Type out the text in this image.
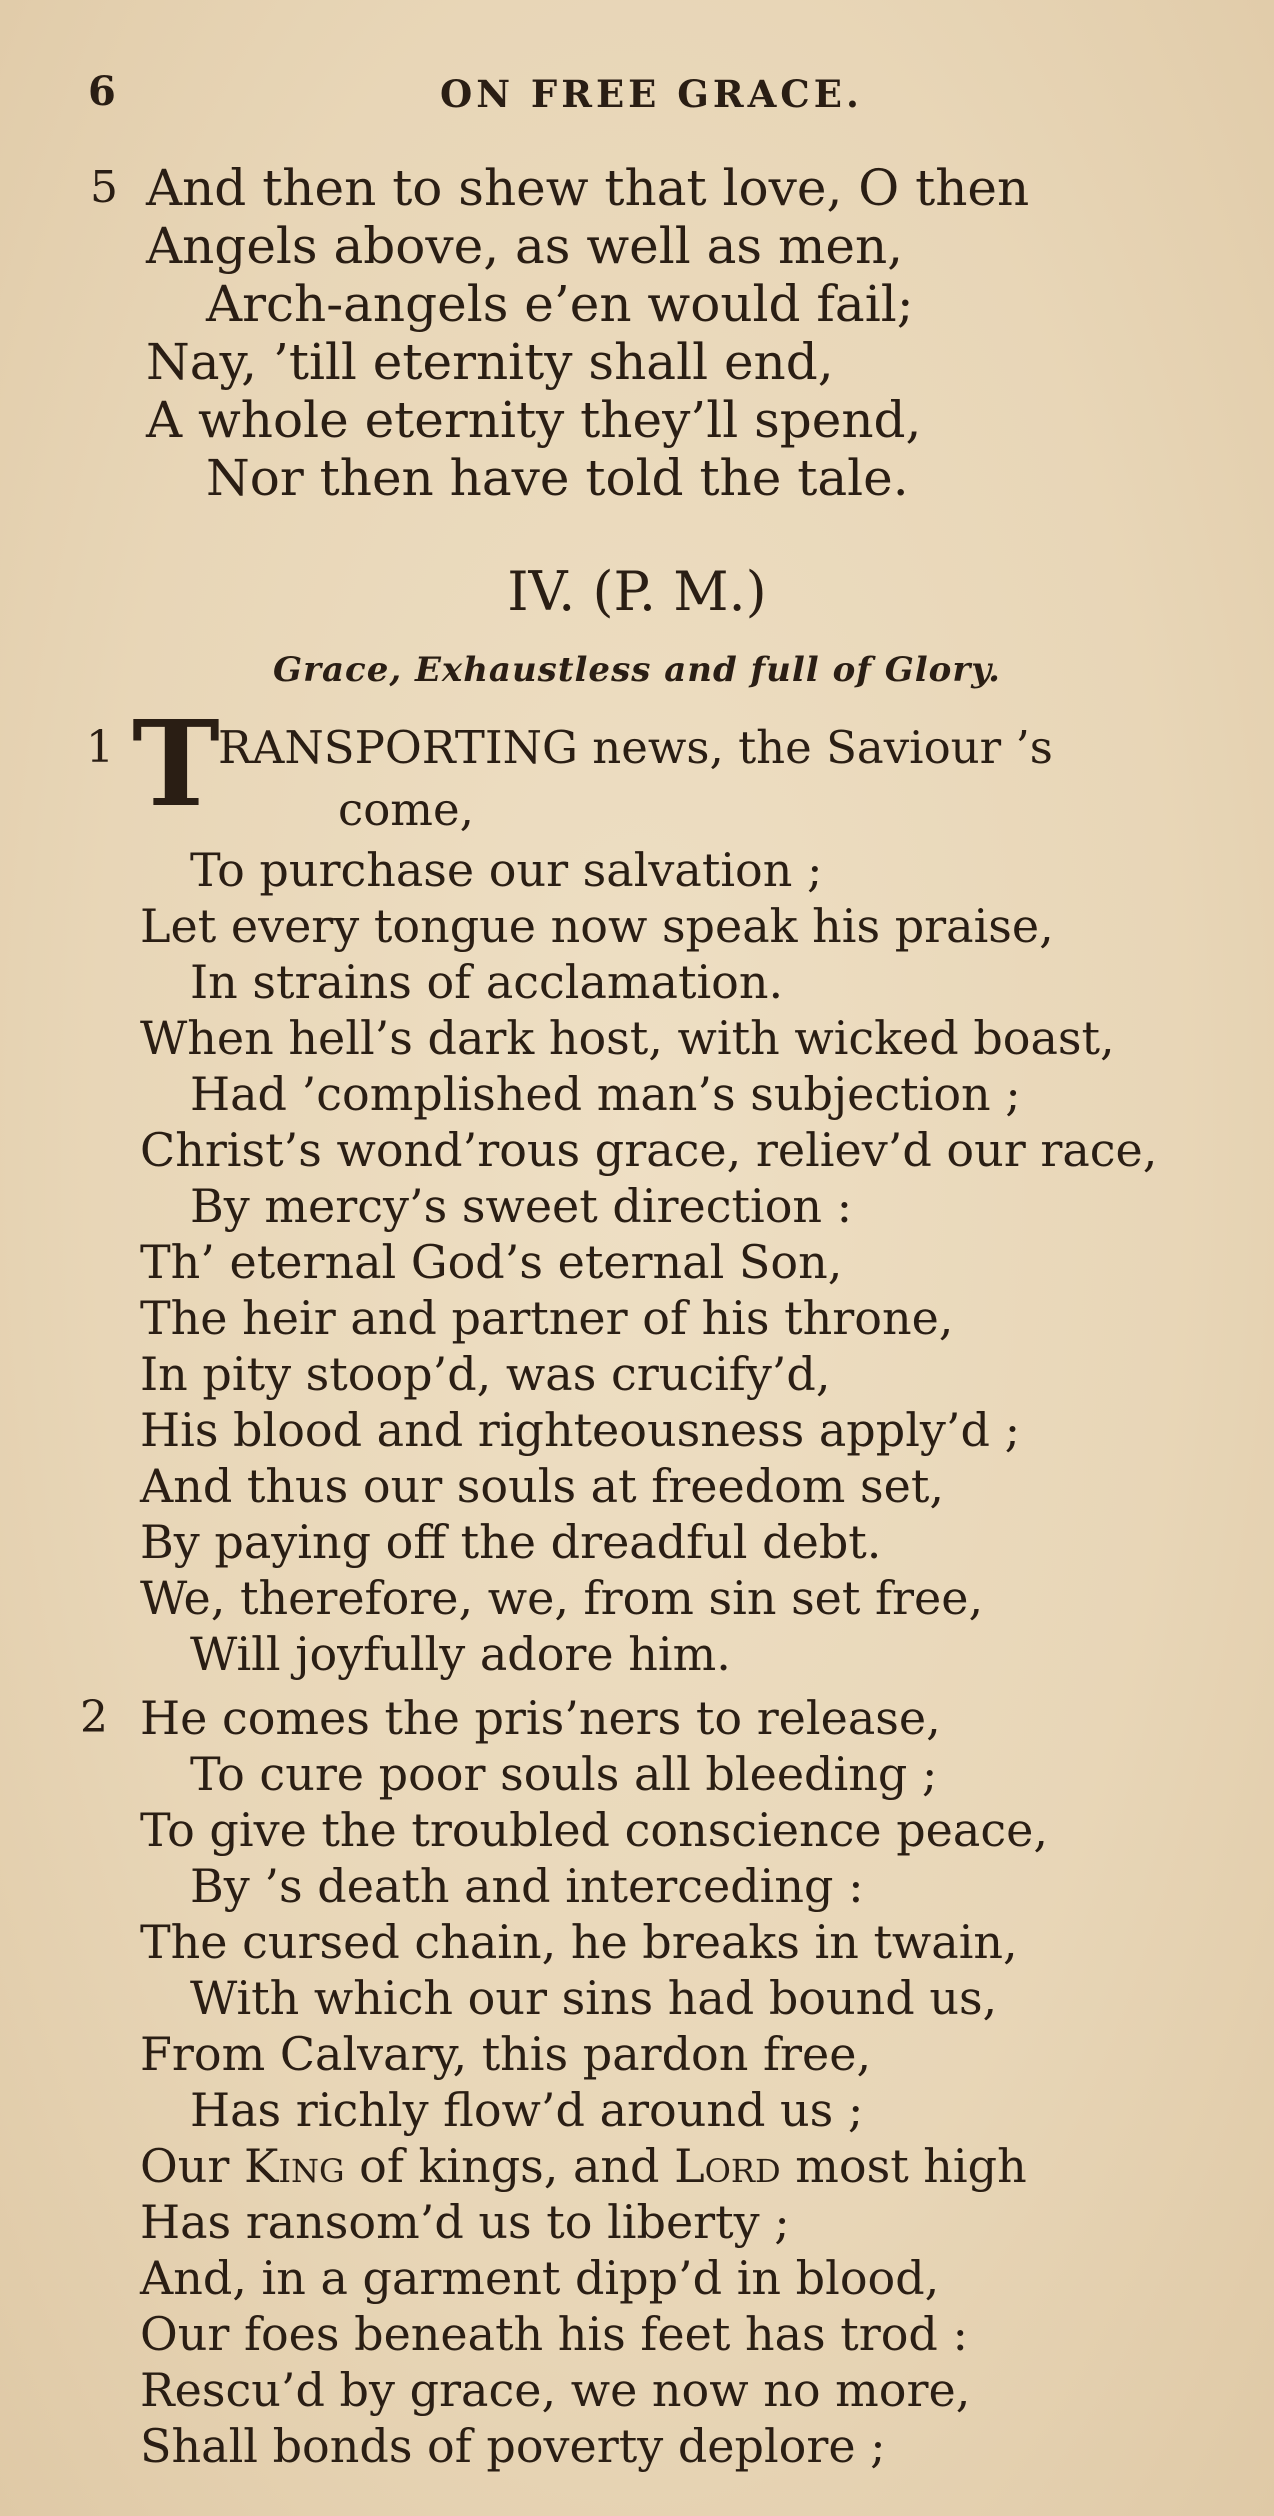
6	ON FREE GRACE.
5 And then to shew that love, O then
Angels above, as well as men,
Arch-angels e’en would fail;
Nay, ’till eternity shall end,
A whole eternity they’ll spend,
Nor then have told the tale.
IV. (P. M.)
Grace, Exhaustless and full of Glory.
1 T
RANSPORTING news, the Saviour ’s
come,
To purchase our salvation ;
Let every tongue now speak his praise,
In strains of acclamation.
When hell’s dark host, with wicked boast,
Had ’complished man’s subjection ;
Christ’s wond’rous grace, reliev’d our race,
By mercy’s sweet direction :
Th’ eternal God’s eternal Son,
The heir and partner of his throne,
In pity stoop’d, was crucify’d,
His blood and righteousness apply’d ;
And thus our souls at freedom set,
By paying off the dreadful debt.
We, therefore, we, from sin set free,
Will joyfully adore him.
2 He comes the pris’ners to release,
To cure poor souls all bleeding ;
To give the troubled conscience peace,
By ’s death and interceding :
The cursed chain, he breaks in twain,
With which our sins had bound us,
From Calvary, this pardon free,
Has richly flow’d around us ;
Our King of kings, and Lord most high
Has ransom’d us to liberty ;
And, in a garment dipp’d in blood,
Our foes beneath his feet has trod :
Rescu’d by grace, we now no more,
Shall bonds of poverty deplore ;
